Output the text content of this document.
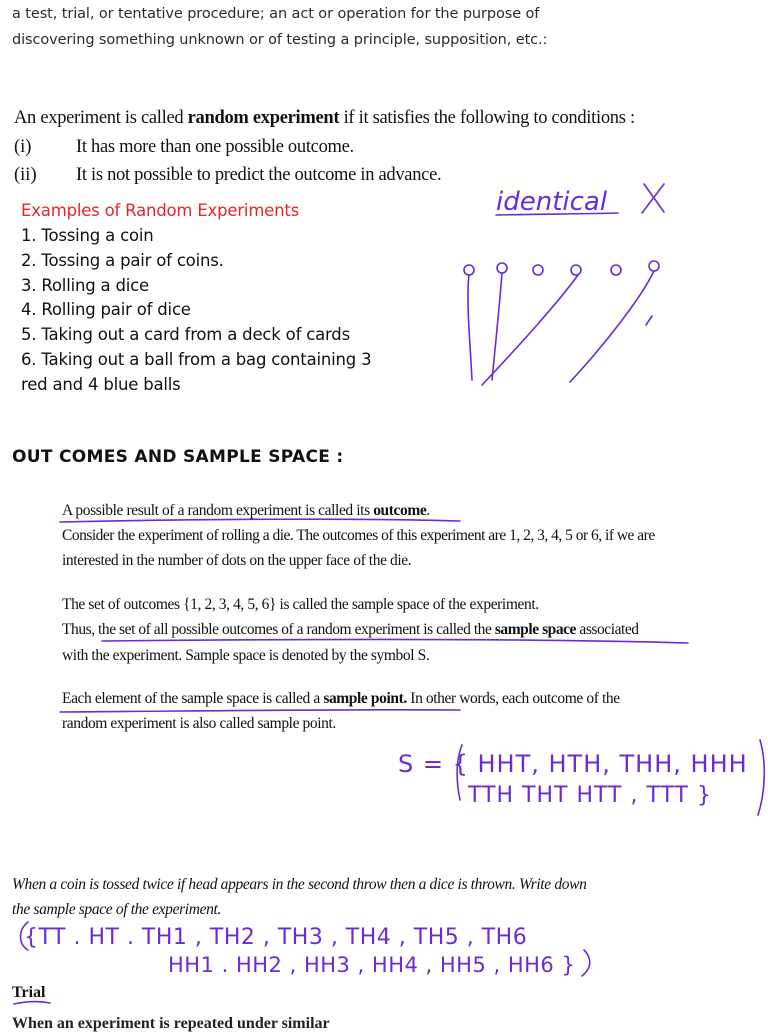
a test, trial, or tentative procedure; an act or operation for the purpose of
discovering something unknown or of testing a principle, supposition, etc.:
An experiment is called random experiment if it satisfies the following to conditions :
(i) It has more than one possible outcome.
(ii) It is not possible to predict the outcome in advance.
Examples of Random Experiments
1. Tossing a coin
2. Tossing a pair of coins.
3. Rolling a dice
4. Rolling pair of dice
5. Taking out a card from a deck of cards
6. Taking out a ball from a bag containing 3
red and 4 blue balls
OUT COMES AND SAMPLE SPACE :
A possible result of a random experiment is called its outcome.
Consider the experiment of rolling a die. The outcomes of this experiment are 1, 2, 3, 4, 5 or 6, if we are
interested in the number of dots on the upper face of the die.
The set of outcomes {1, 2, 3, 4, 5, 6} is called the sample space of the experiment.
Thus, the set of all possible outcomes of a random experiment is called the sample space associated
with the experiment. Sample space is denoted by the symbol S.
Each element of the sample space is called a sample point. In other words, each outcome of the
random experiment is also called sample point.
When a coin is tossed twice if head appears in the second throw then a dice is thrown. Write down
the sample space of the experiment.
Trial
When an experiment is repeated under similar
identical
S = { HHT, HTH, THH, HHH
TTH THT HTT , TTT }
{TT . HT . TH1 , TH2 , TH3 , TH4 , TH5 , TH6
HH1 . HH2 , HH3 , HH4 , HH5 , HH6 }
